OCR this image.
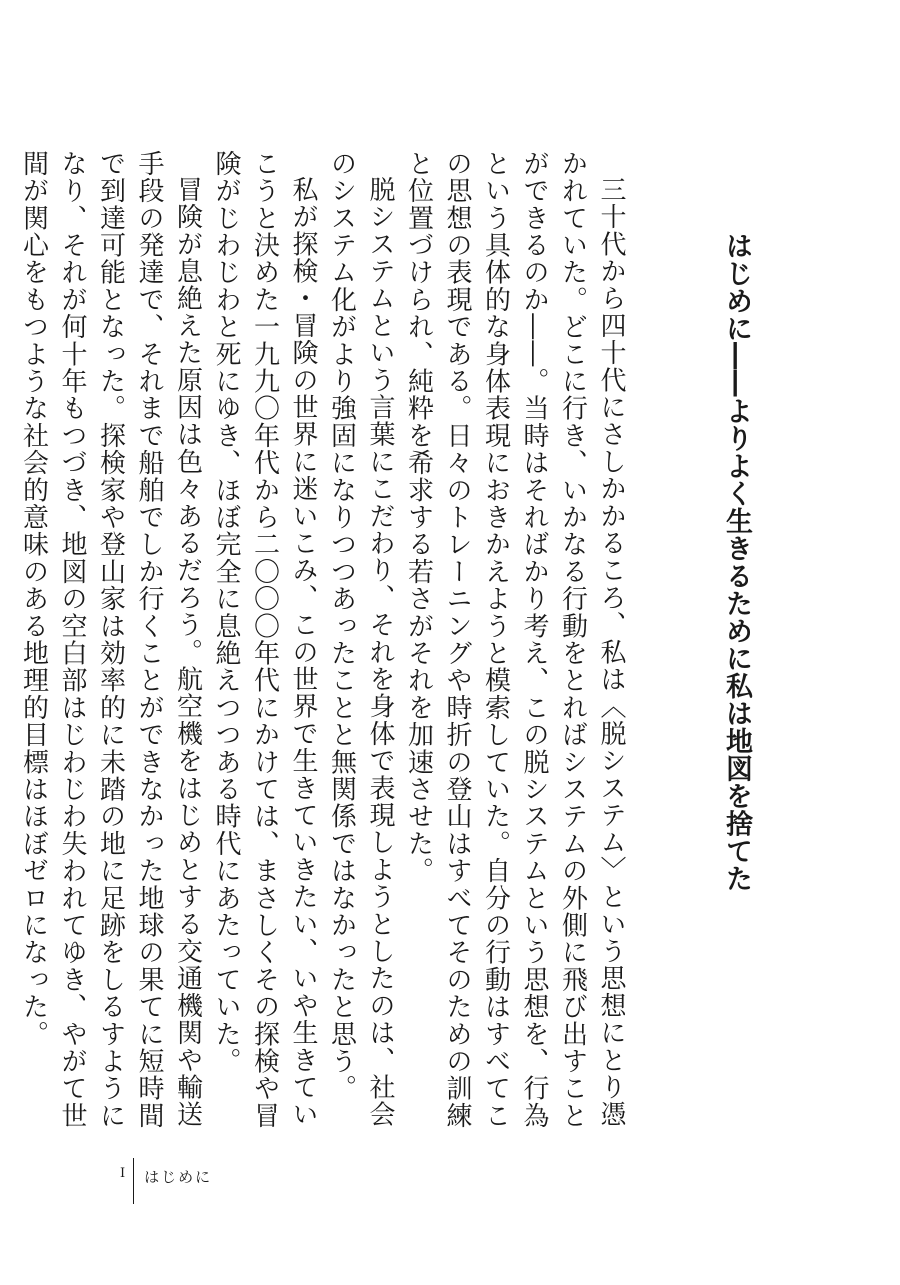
はじめに――よりよく生きるために私は地図を捨てた

三十代から四十代にさしかかるころ、私は〈脱システム〉という思想にとり憑かれていた。どこに行き、いかなる行動をとればシステムの外側に飛び出すことができるのか――。当時はそればかり考え、この脱システムという思想を、行為という具体的な身体表現におきかえようと模索していた。自分の行動はすべてこの思想の表現である。日々のトレーニングや時折の登山はすべてそのための訓練と位置づけられ、純粋を希求する若さがそれを加速させた。

脱システムという言葉にこだわり、それを身体で表現しようとしたのは、社会のシステム化がより強固になりつつあったことと無関係ではなかったと思う。

私が探検・冒険の世界に迷いこみ、この世界で生きていきたい、いや生きていこうと決めた一九九〇年代から二〇〇〇年代にかけては、まさしくその探検や冒険がじわじわと死にゆき、ほぼ完全に息絶えつつある時代にあたっていた。

冒険が息絶えた原因は色々あるだろう。航空機をはじめとする交通機関や輸送手段の発達で、それまで船舶でしか行くことができなかった地球の果てに短時間で到達可能となった。探検家や登山家は効率的に未踏の地に足跡をしるすようになり、それが何十年もつづき、地図の空白部はじわじわ失われてゆき、やがて世間が関心をもつような社会的意味のある地理的目標はほぼゼロになった。

I	はじめに
